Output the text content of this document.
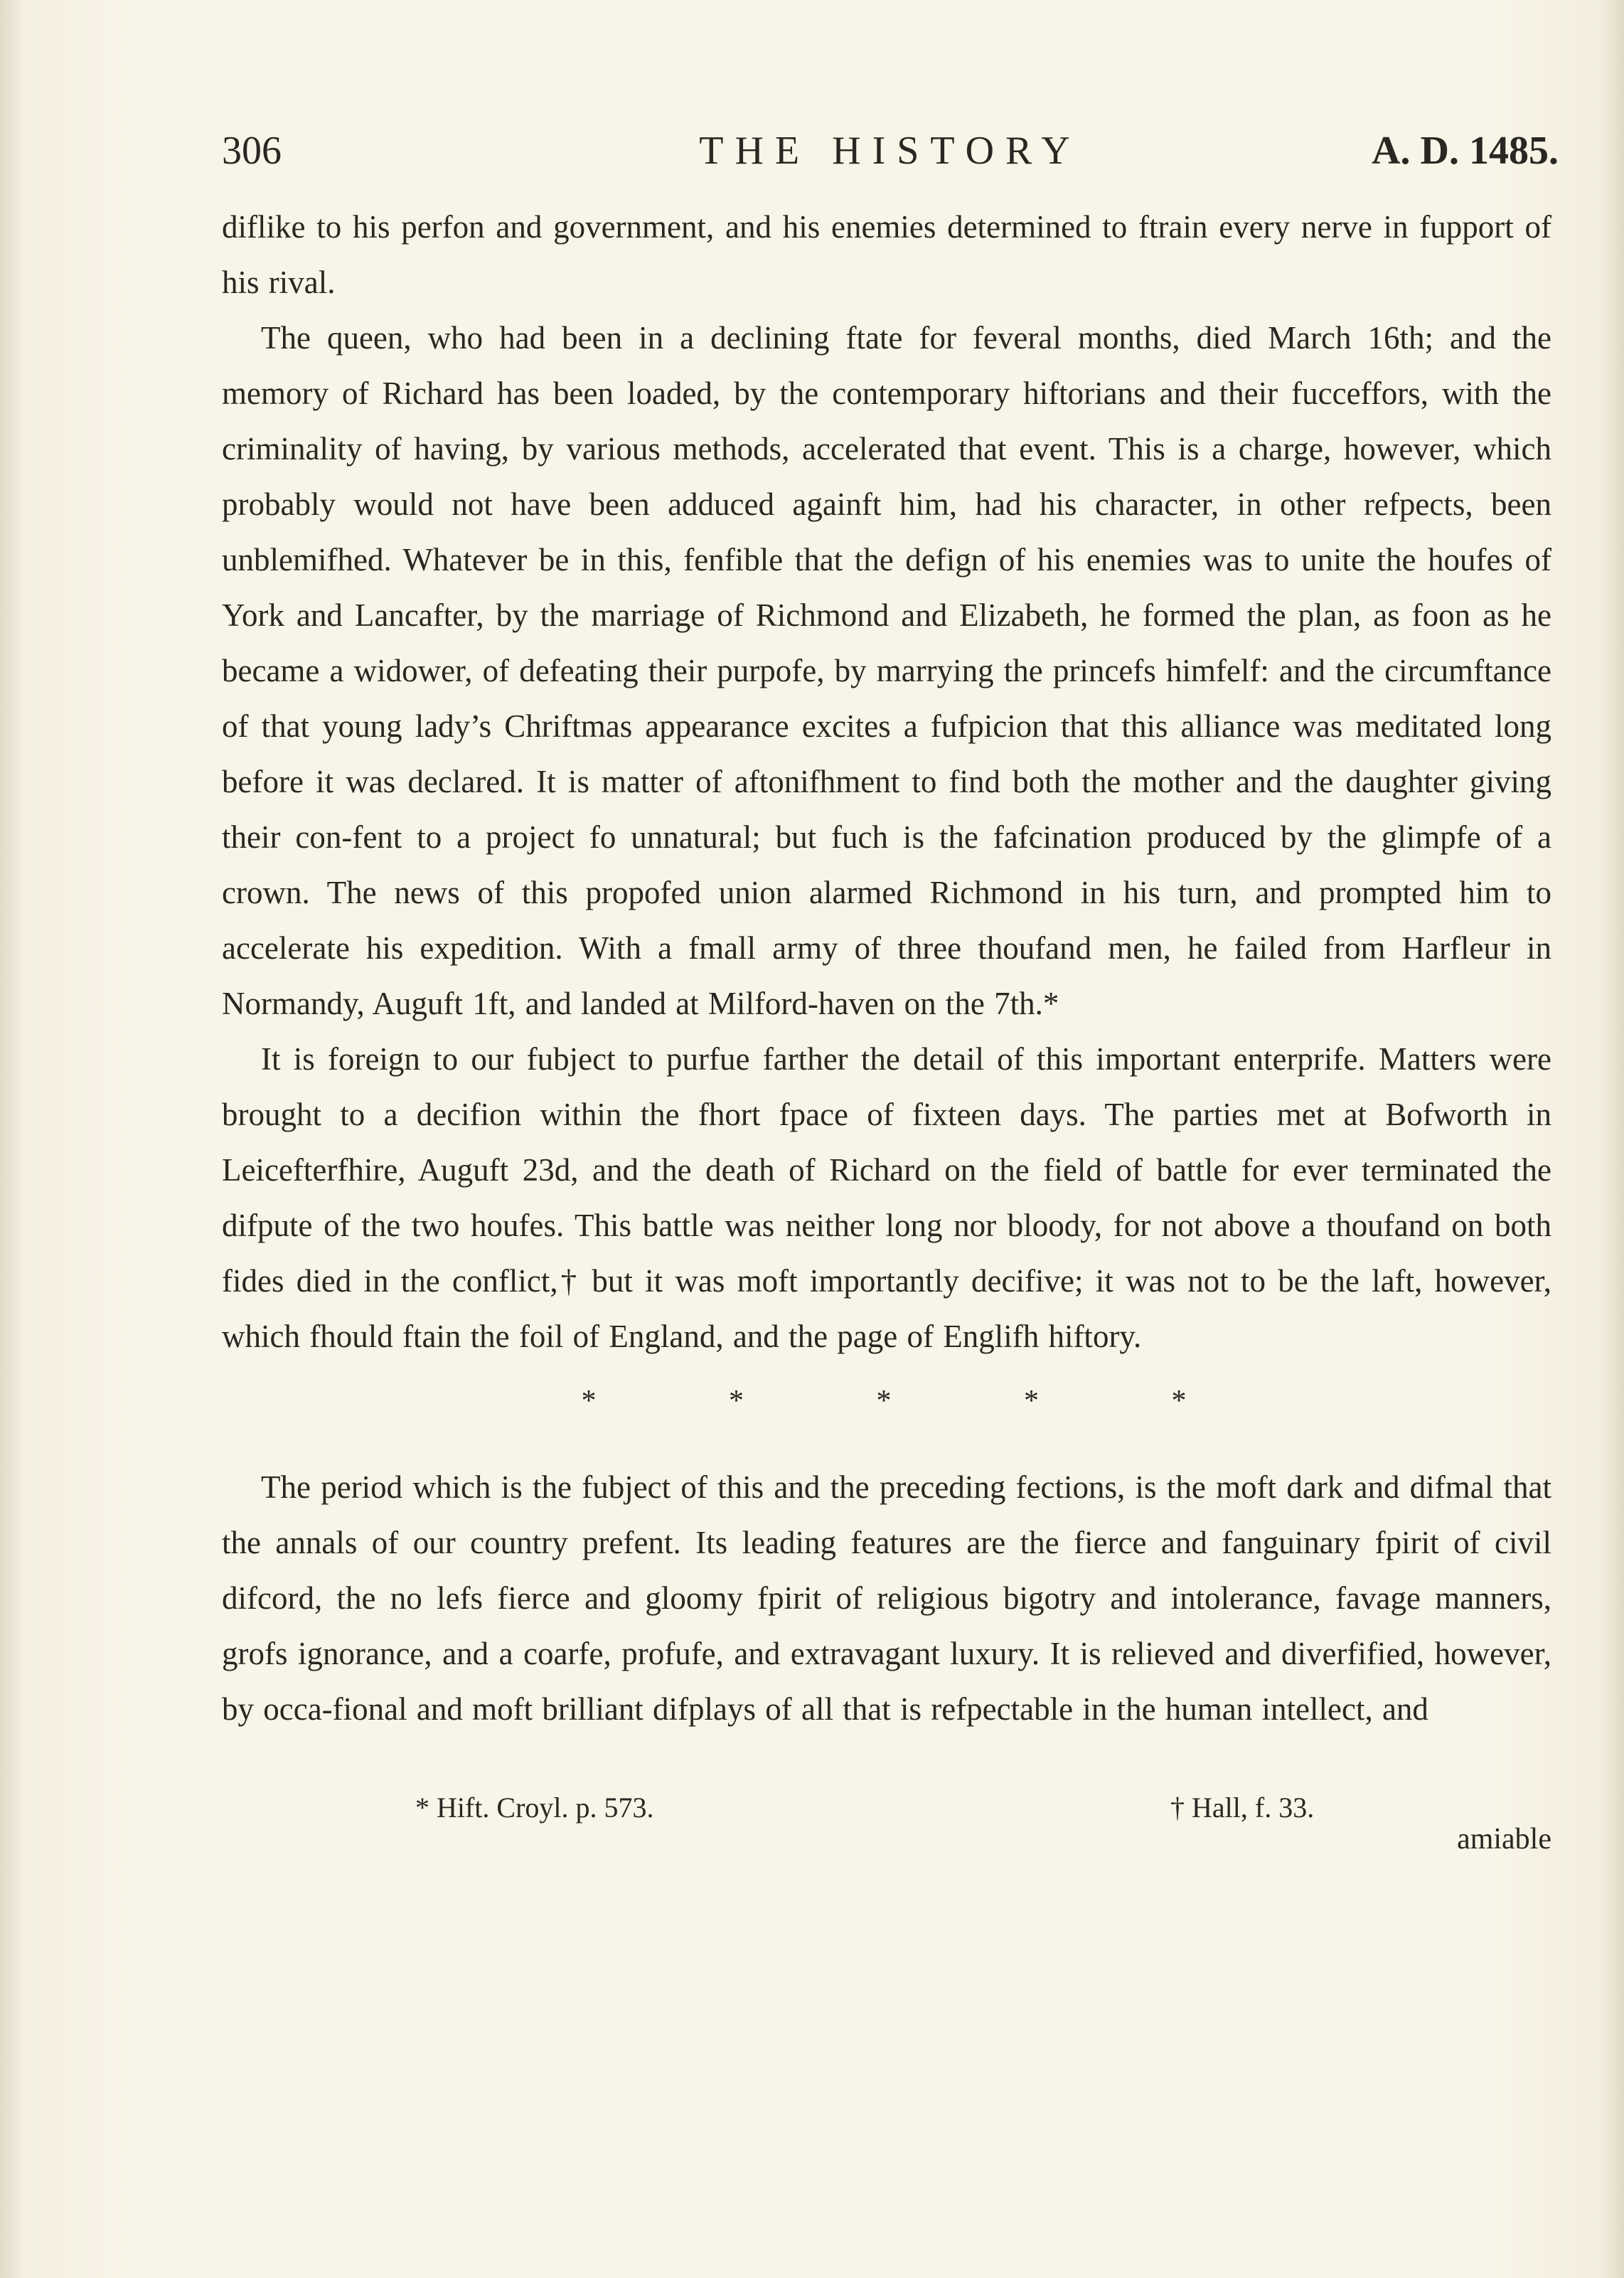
306	THE HISTORY	A. D. 1485.

diflike to his perfon and government, and his enemies determined to ftrain every nerve in fupport of his rival.

The queen, who had been in a declining ftate for feveral months, died March 16th; and the memory of Richard has been loaded, by the contemporary hiftorians and their fucceffors, with the criminality of having, by various methods, accelerated that event. This is a charge, however, which probably would not have been adduced againft him, had his character, in other refpects, been unblemifhed. Whatever be in this, fenfible that the defign of his enemies was to unite the houfes of York and Lancafter, by the marriage of Richmond and Elizabeth, he formed the plan, as foon as he became a widower, of defeating their purpofe, by marrying the princefs himfelf: and the circumftance of that young lady’s Chriftmas appearance excites a fufpicion that this alliance was meditated long before it was declared. It is matter of aftonifhment to find both the mother and the daughter giving their con-fent to a project fo unnatural; but fuch is the fafcination produced by the glimpfe of a crown. The news of this propofed union alarmed Richmond in his turn, and prompted him to accelerate his expedition. With a fmall army of three thoufand men, he failed from Harfleur in Normandy, Auguft 1ft, and landed at Milford-haven on the 7th.*

It is foreign to our fubject to purfue farther the detail of this important enterprife. Matters were brought to a decifion within the fhort fpace of fixteen days. The parties met at Bofworth in Leicefterfhire, Auguft 23d, and the death of Richard on the field of battle for ever terminated the difpute of the two houfes. This battle was neither long nor bloody, for not above a thoufand on both fides died in the conflict,† but it was moft importantly decifive; it was not to be the laft, however, which fhould ftain the foil of England, and the page of Englifh hiftory.

* * * * *

The period which is the fubject of this and the preceding fections, is the moft dark and difmal that the annals of our country prefent. Its leading features are the fierce and fanguinary fpirit of civil difcord, the no lefs fierce and gloomy fpirit of religious bigotry and intolerance, favage manners, grofs ignorance, and a coarfe, profufe, and extravagant luxury. It is relieved and diverfified, however, by occa-fional and moft brilliant difplays of all that is refpectable in the human intellect, and

* Hift. Croyl. p. 573.	† Hall, f. 33.
amiable
